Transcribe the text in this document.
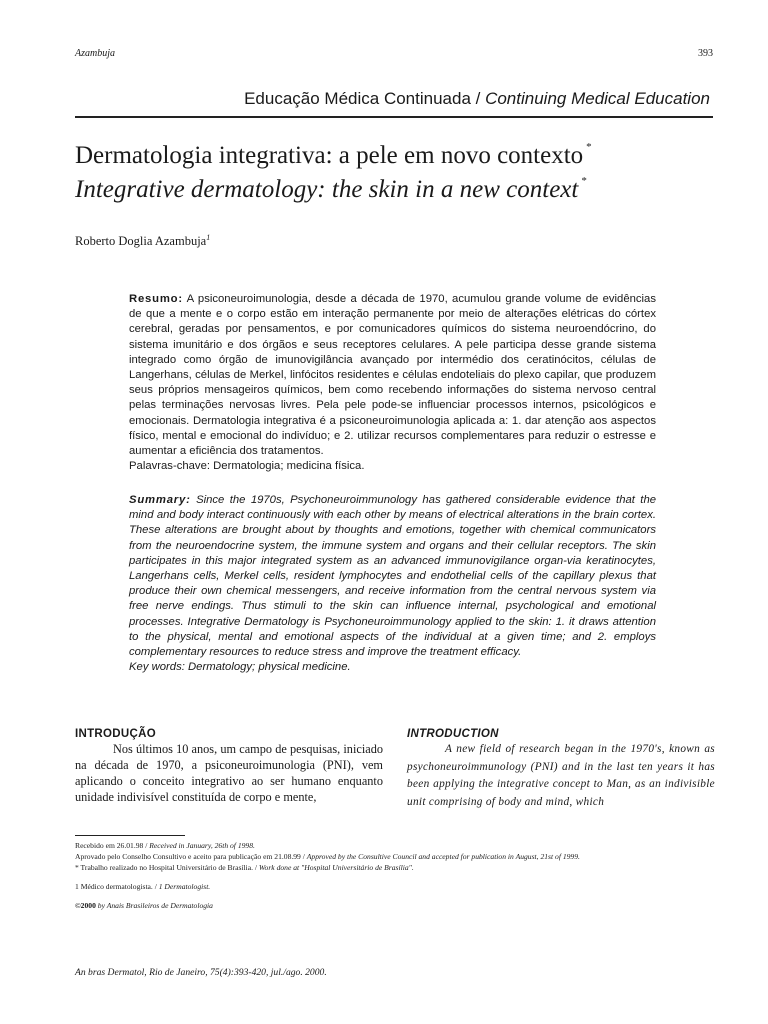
Azambuja	393
Educação Médica Continuada / Continuing Medical Education
Dermatologia integrativa: a pele em novo contexto *
Integrative dermatology: the skin in a new context *
Roberto Doglia Azambuja$^1$
Resumo: A psiconeuroimunologia, desde a década de 1970, acumulou grande volume de evidências de que a mente e o corpo estão em interação permanente por meio de alterações elétricas do córtex cerebral, geradas por pensamentos, e por comunicadores químicos do sistema neuroendócrino, do sistema imunitário e dos órgãos e seus receptores celulares. A pele participa desse grande sistema integrado como órgão de imunovigilância avançado por intermédio dos ceratinócitos, células de Langerhans, células de Merkel, linfócitos residentes e células endoteliais do plexo capilar, que produzem seus próprios mensageiros químicos, bem como recebendo informações do sistema nervoso central pelas terminações nervosas livres. Pela pele pode-se influenciar processos internos, psicológicos e emocionais. Dermatologia integrativa é a psiconeuroimunologia aplicada a: 1. dar atenção aos aspectos físico, mental e emocional do indivíduo; e 2. utilizar recursos complementares para reduzir o estresse e aumentar a eficiência dos tratamentos.
Palavras-chave: Dermatologia; medicina física.
Summary: Since the 1970s, Psychoneuroimmunology has gathered considerable evidence that the mind and body interact continuously with each other by means of electrical alterations in the brain cortex. These alterations are brought about by thoughts and emotions, together with chemical communicators from the neuroendocrine system, the immune system and organs and their cellular receptors. The skin participates in this major integrated system as an advanced immunovigilance organ-via keratinocytes, Langerhans cells, Merkel cells, resident lymphocytes and endothelial cells of the capillary plexus that produce their own chemical messengers, and receive information from the central nervous system via free nerve endings. Thus stimuli to the skin can influence internal, psychological and emotional processes. Integrative Dermatology is Psychoneuroimmunology applied to the skin: 1. it draws attention to the physical, mental and emotional aspects of the individual at a given time; and 2. employs complementary resources to reduce stress and improve the treatment efficacy.
Key words: Dermatology; physical medicine.
INTRODUÇÃO

Nos últimos 10 anos, um campo de pesquisas, iniciado na década de 1970, a psiconeuroimunologia (PNI), vem aplicando o conceito integrativo ao ser humano enquanto unidade indivisível constituída de corpo e mente,

INTRODUCTION

A new field of research began in the 1970's, known as psychoneuroimmunology (PNI) and in the last ten years it has been applying the integrative concept to Man, as an indivisible unit comprising of body and mind, which

Recebido em 26.01.98 / Received in January, 26th of 1998.
Aprovado pelo Conselho Consultivo e aceito para publicação em 21.08.99 / Approved by the Consultive Council and accepted for publication in August, 21st of 1999.
* Trabalho realizado no Hospital Universitário de Brasília. / Work done at "Hospital Universitário de Brasília".
1 Médico dermatologista. / 1 Dermatologist.
©2000 by Anais Brasileiros de Dermatologia
An bras Dermatol, Rio de Janeiro, 75(4):393-420, jul./ago. 2000.
